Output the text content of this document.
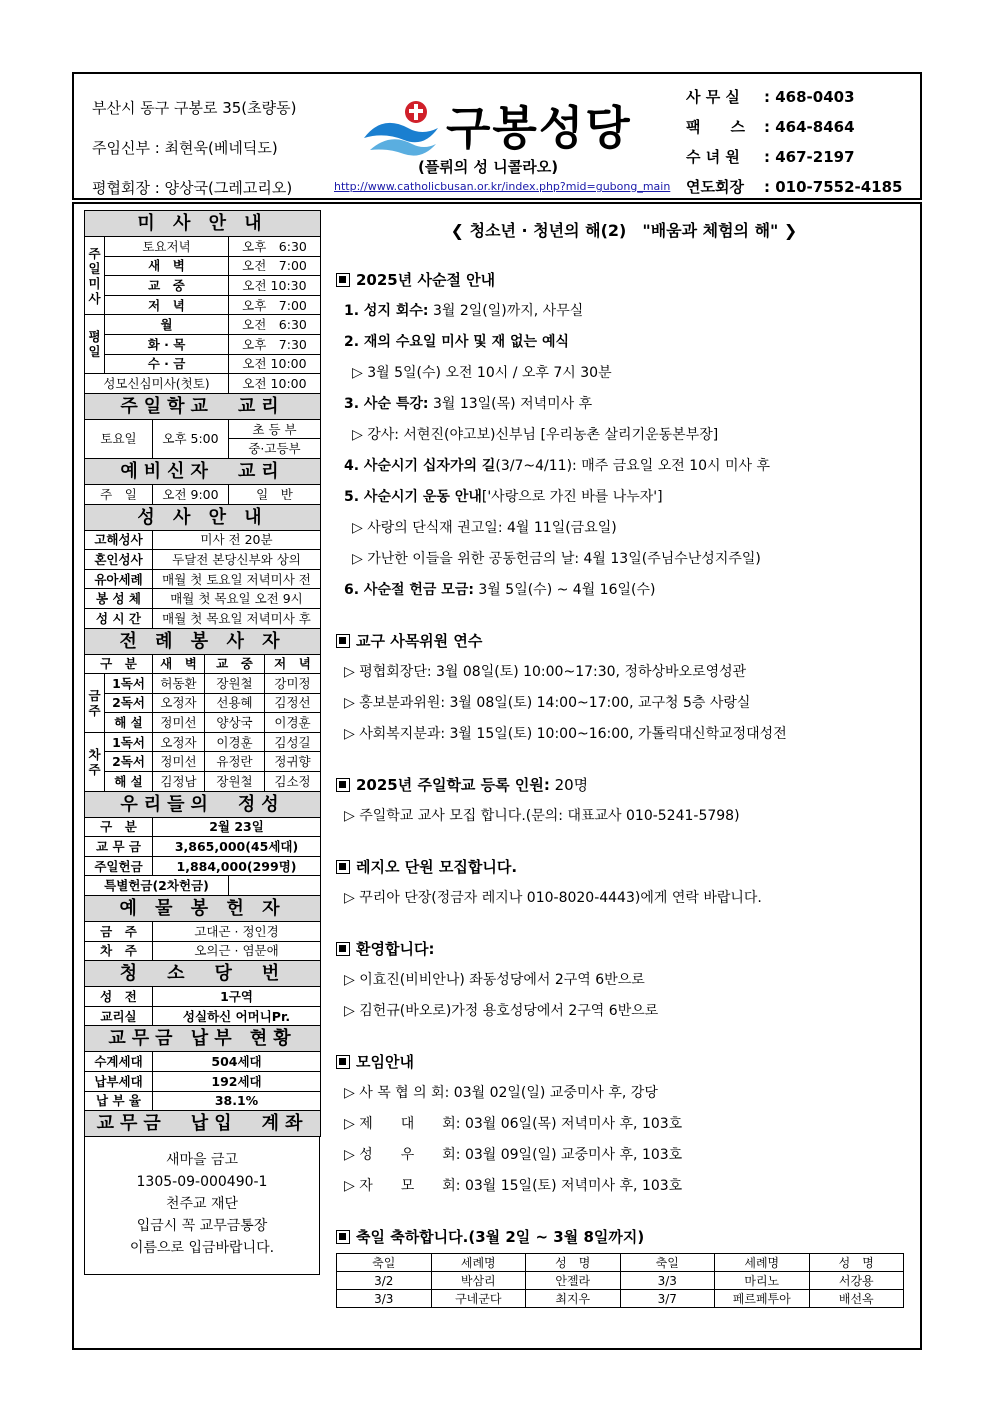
부산시 동구 구봉로 35(초량동)
주임신부 : 최현욱(베네딕도)
평협회장 : 양상국(그레고리오)
구봉성당
(플뤼의 성 니콜라오)
http://www.catholicbusan.or.kr/index.php?mid=gubong_main
사 무 실	: 468-0403
팩　　스	: 464-8464
수 녀 원	: 467-2197
연도회장	: 010-7552-4185
미 사 안 내					
주일미사	토요저녁			오후　6:30	
	새　벽			오전　7:00	
	교　중			오전 10:30	
	저　녁			오후　7:00	
평일	월			오전　6:30	
	화 · 목			오후　7:30	
	수 · 금			오전 10:00	
성모신심미사(첫토)				오전 10:00	
주일학교　교리					
토요일		오후 5:00		초 등 부	
				중·고등부	
예비신자　교리					
주　일		오전 9:00		일　반	
성 사 안 내					
고해성사		미사 전 20분			
혼인성사		두달전 본당신부와 상의			
유아세례		매월 첫 토요일 저녁미사 전			
봉 성 체		매월 첫 목요일 오전 9시			
성 시 간		매월 첫 목요일 저녁미사 후			
전 례 봉 사 자					
구　분		새　벽	교　중		저　녁
금주	1독서	허동환	장원철		강미정
	2독서	오정자	선용혜		김정선
	해 설	정미선	양상국		이경훈
차주	1독서	오정자	이경훈		김성길
	2독서	정미선	유정란		정귀향
	해 설	김정남	장원철		김소정
우리들의　정성					
구　분		2월 23일			
교 무 금		3,865,000(45세대)			
주일헌금		1,884,000(299명)			
특별헌금(2차헌금)					
예 물 봉 헌 자					
금　주		고대곤 · 정인경			
차　주		오의근 · 염문애			
청　소　당　번					
성　전		1구역			
교리실		성실하신 어머니Pr.			
교무금 납부 현황					
수계세대		504세대			
납부세대		192세대			
납 부 율		38.1%			
교무금　납입　계좌					
새마을 금고
1305-09-000490-1
천주교 재단
입금시 꼭 교무금통장
이름으로 입금바랍니다.
❮ 청소년 · 청년의 해(2)　"배움과 체험의 해" ❯
2025년 사순절 안내
1. 성지 회수: 3월 2일(일)까지, 사무실
2. 재의 수요일 미사 및 재 없는 예식
▷ 3월 5일(수) 오전 10시 / 오후 7시 30분
3. 사순 특강: 3월 13일(목) 저녁미사 후
▷ 강사: 서현진(야고보)신부님 [우리농촌 살리기운동본부장]
4. 사순시기 십자가의 길(3/7~4/11): 매주 금요일 오전 10시 미사 후
5. 사순시기 운동 안내['사랑으로 가진 바를 나누자']
▷ 사랑의 단식재 권고일: 4월 11일(금요일)
▷ 가난한 이들을 위한 공동헌금의 날: 4월 13일(주님수난성지주일)
6. 사순절 헌금 모금: 3월 5일(수) ~ 4월 16일(수)
교구 사목위원 연수
▷ 평협회장단: 3월 08일(토) 10:00~17:30, 정하상바오로영성관
▷ 홍보분과위원: 3월 08일(토) 14:00~17:00, 교구청 5층 사랑실
▷ 사회복지분과: 3월 15일(토) 10:00~16:00, 가톨릭대신학교정대성전
2025년 주일학교 등록 인원: 20명
▷ 주일학교 교사 모집 합니다.(문의: 대표교사 010-5241-5798)
레지오 단원 모집합니다.
▷ 꾸리아 단장(정금자 레지나 010-8020-4443)에게 연락 바랍니다.
환영합니다:
▷ 이효진(비비안나) 좌동성당에서 2구역 6반으로
▷ 김헌규(바오로)가정 용호성당에서 2구역 6반으로
모임안내
▷ 사 목 협 의 회: 03월 02일(일) 교중미사 후, 강당
▷ 제　　대　　회: 03월 06일(목) 저녁미사 후, 103호
▷ 성　　우　　회: 03월 09일(일) 교중미사 후, 103호
▷ 자　　모　　회: 03월 15일(토) 저녁미사 후, 103호
축일 축하합니다.(3월 2일 ~ 3월 8일까지)
축일	세례명	성　명	축일	세례명	성　명
3/2	박삼리	안젤라	3/3	마리노	서강용
3/3	구네군다	최지우	3/7	페르페투아	배선옥
